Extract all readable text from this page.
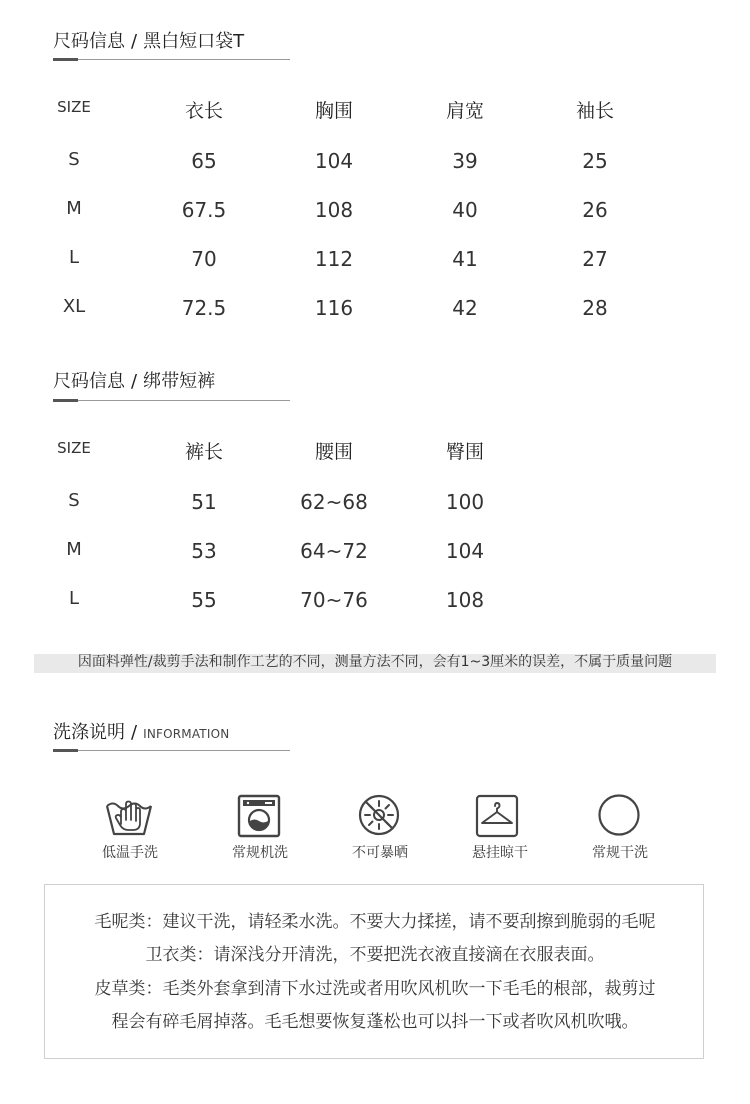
尺码信息 / 黑白短口袋T
SIZE	衣长	胸围	肩宽	袖长
S	65	104	39	25
M	67.5	108	40	26
L	70	112	41	27
XL	72.5	116	42	28
尺码信息 / 绑带短裤
SIZE	裤长	腰围	臀围
S	51	62~68	100
M	53	64~72	104
L	55	70~76	108
因面料弹性/裁剪手法和制作工艺的不同，测量方法不同，会有1~3厘米的误差，不属于质量问题
洗涤说明 / INFORMATION
低温手洗	常规机洗	不可暴晒	悬挂晾干	常规干洗
毛呢类：建议干洗，请轻柔水洗。不要大力揉搓，请不要刮擦到脆弱的毛呢
卫衣类：请深浅分开清洗，不要把洗衣液直接滴在衣服表面。
皮草类：毛类外套拿到清下水过洗或者用吹风机吹一下毛毛的根部，裁剪过
程会有碎毛屑掉落。毛毛想要恢复蓬松也可以抖一下或者吹风机吹哦。
